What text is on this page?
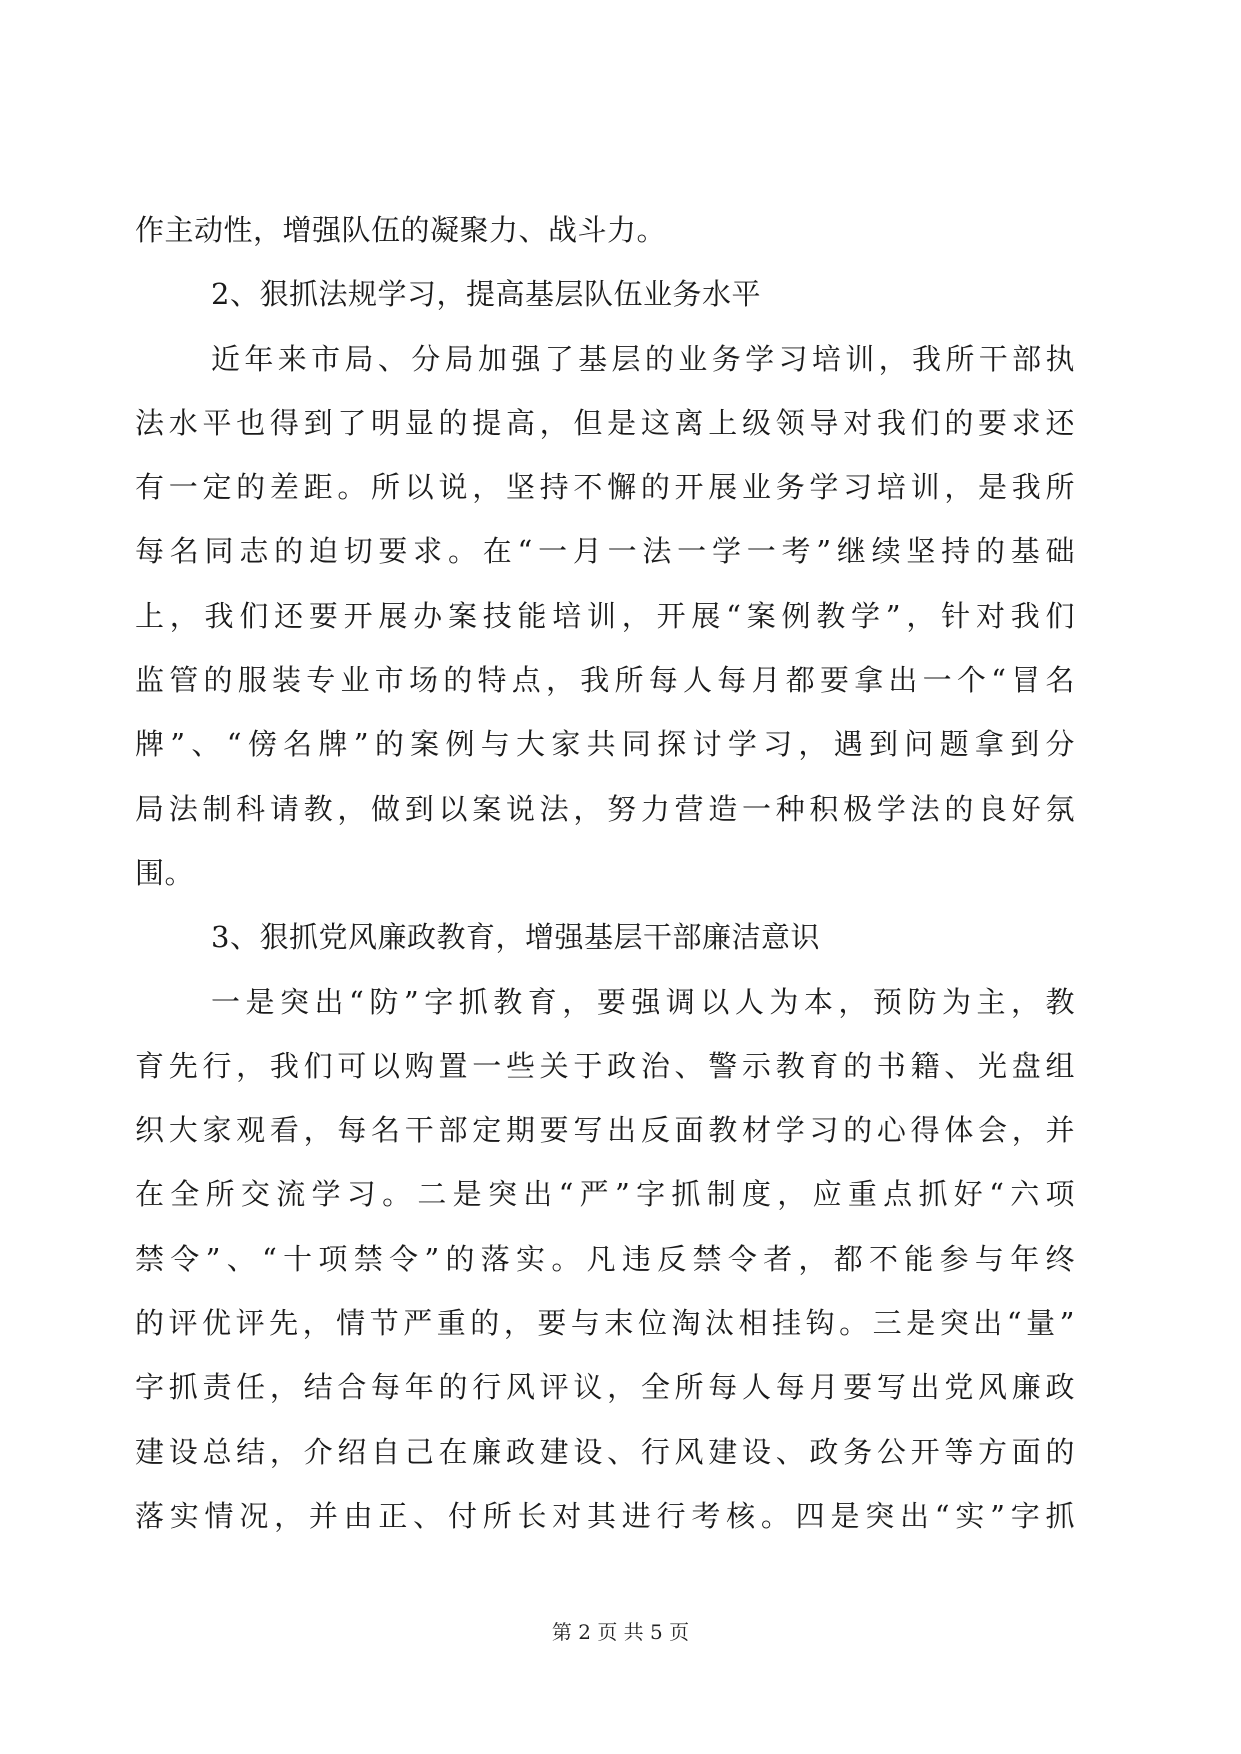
作主动性，增强队伍的凝聚力、战斗力。
2、狠抓法规学习，提高基层队伍业务水平
近年来市局、分局加强了基层的业务学习培训，我所干部执
法水平也得到了明显的提高，但是这离上级领导对我们的要求还
有一定的差距。所以说，坚持不懈的开展业务学习培训，是我所
每名同志的迫切要求。在“一月一法一学一考”继续坚持的基础
上，我们还要开展办案技能培训，开展“案例教学”，针对我们
监管的服装专业市场的特点，我所每人每月都要拿出一个“冒名
牌”、“傍名牌”的案例与大家共同探讨学习，遇到问题拿到分
局法制科请教，做到以案说法，努力营造一种积极学法的良好氛
围。
3、狠抓党风廉政教育，增强基层干部廉洁意识
一是突出“防”字抓教育，要强调以人为本，预防为主，教
育先行，我们可以购置一些关于政治、警示教育的书籍、光盘组
织大家观看，每名干部定期要写出反面教材学习的心得体会，并
在全所交流学习。二是突出“严”字抓制度，应重点抓好“六项
禁令”、“十项禁令”的落实。凡违反禁令者，都不能参与年终
的评优评先，情节严重的，要与末位淘汰相挂钩。三是突出“量”
字抓责任，结合每年的行风评议，全所每人每月要写出党风廉政
建设总结，介绍自己在廉政建设、行风建设、政务公开等方面的
落实情况，并由正、付所长对其进行考核。四是突出“实”字抓
第 2 页 共 5 页
